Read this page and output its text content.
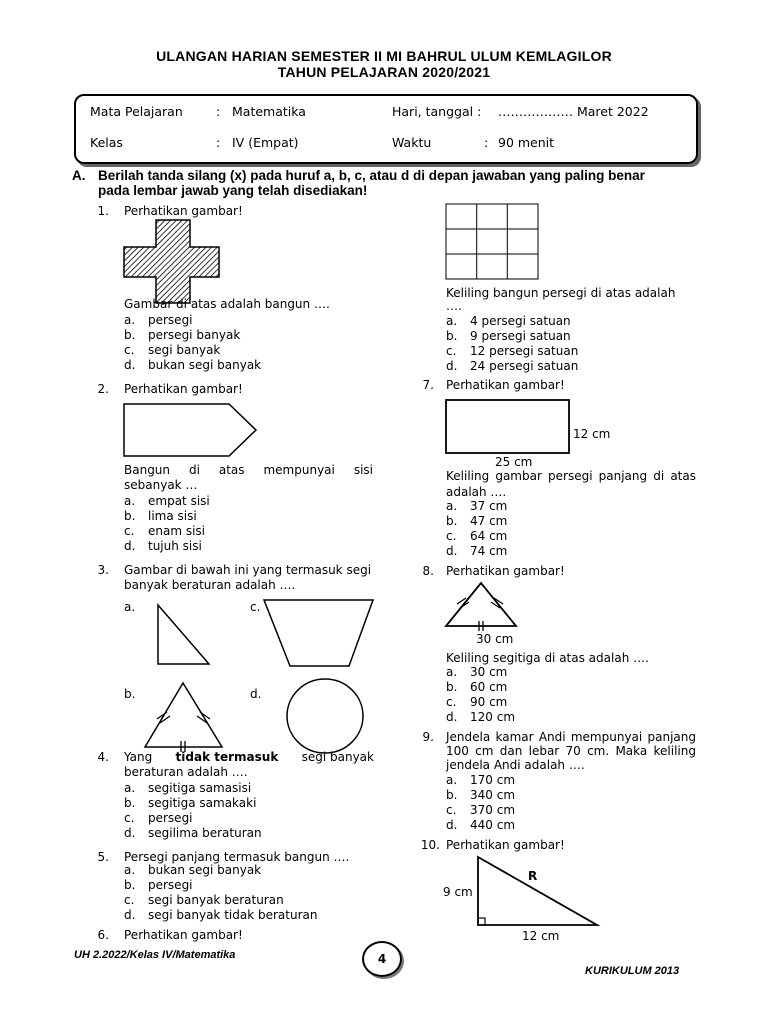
ULANGAN HARIAN SEMESTER II MI BAHRUL ULUM KEMLAGILOR
TAHUN PELAJARAN 2020/2021
Mata Pelajaran	: Matematika	Hari, tanggal : ……………… Maret 2022
Kelas	: IV (Empat)	Waktu	: 90 menit
A. Berilah tanda silang (x) pada huruf a, b, c, atau d di depan jawaban yang paling benar
pada lembar jawab yang telah disediakan!
1. Perhatikan gambar!
Gambar di atas adalah bangun ….
a.	persegi
b.	persegi banyak
c.	segi banyak
d.	bukan segi banyak
2. Perhatikan gambar!
Bangun di atas mempunyai sisi
sebanyak …
a.	empat sisi
b.	lima sisi
c.	enam sisi
d.	tujuh sisi
3. Gambar di bawah ini yang termasuk segi
banyak beraturan adalah ….
a.	c.
b.	d.
4. Yang tidak termasuk segi banyak
beraturan adalah ….
a.	segitiga samasisi
b.	segitiga samakaki
c.	persegi
d.	segilima beraturan
5. Persegi panjang termasuk bangun ….
a.	bukan segi banyak
b.	persegi
c.	segi banyak beraturan
d.	segi banyak tidak beraturan
6. Perhatikan gambar!
Keliling bangun persegi di atas adalah
….
a.	4 persegi satuan
b.	9 persegi satuan
c.	12 persegi satuan
d.	24 persegi satuan
7. Perhatikan gambar!
12 cm
25 cm
Keliling gambar persegi panjang di atas
adalah ….
a.	37 cm
b.	47 cm
c.	64 cm
d.	74 cm
8. Perhatikan gambar!
30 cm
Keliling segitiga di atas adalah ….
a.	30 cm
b.	60 cm
c.	90 cm
d.	120 cm
9. Jendela kamar Andi mempunyai panjang
100 cm dan lebar 70 cm. Maka keliling
jendela Andi adalah ….
a.	170 cm
b.	340 cm
c.	370 cm
d.	440 cm
10. Perhatikan gambar!
R
9 cm
12 cm
UH 2.2022/Kelas IV/Matematika	4
KURIKULUM 2013
